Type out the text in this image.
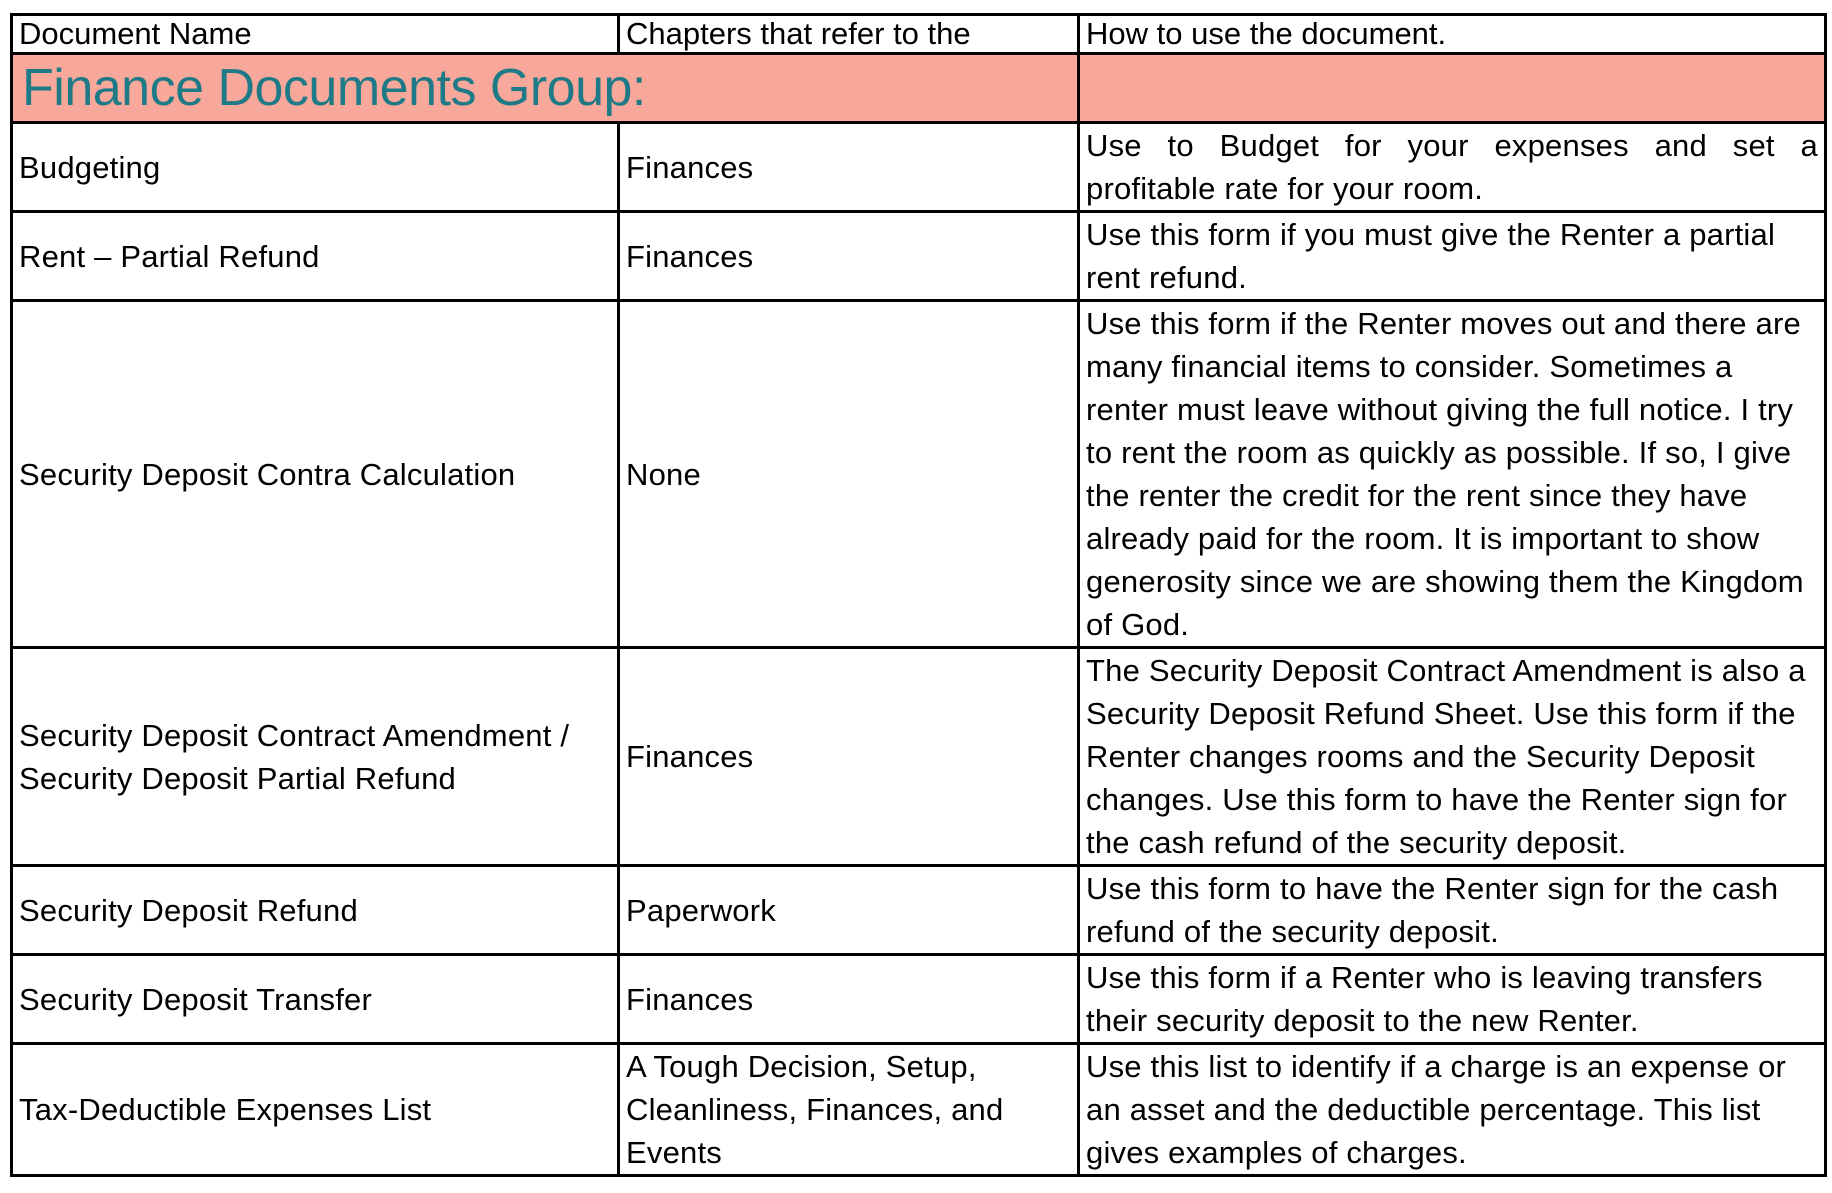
Document Name	Chapters that refer to the	How to use the document.
Finance Documents Group:		
Budgeting	Finances	Use to Budget for your expenses and set a profitable rate for your room.
Rent – Partial Refund	Finances	Use this form if you must give the Renter a partial rent refund.
Security Deposit Contra Calculation	None	Use this form if the Renter moves out and there are many financial items to consider. Sometimes a renter must leave without giving the full notice. I try to rent the room as quickly as possible. If so, I give the renter the credit for the rent since they have already paid for the room. It is important to show generosity since we are showing them the Kingdom of God.

Security Deposit Contract Amendment /
Security Deposit Partial Refund	Finances	The Security Deposit Contract Amendment is also a Security Deposit Refund Sheet. Use this form if the Renter changes rooms and the Security Deposit changes. Use this form to have the Renter sign for the cash refund of the security deposit.
Security Deposit Refund	Paperwork	Use this form to have the Renter sign for the cash refund of the security deposit.
Security Deposit Transfer	Finances	Use this form if a Renter who is leaving transfers their security deposit to the new Renter.
Tax-Deductible Expenses List	A Tough Decision, Setup,
Cleanliness, Finances, and
Events	Use this list to identify if a charge is an expense or an asset and the deductible percentage. This list gives examples of charges.
